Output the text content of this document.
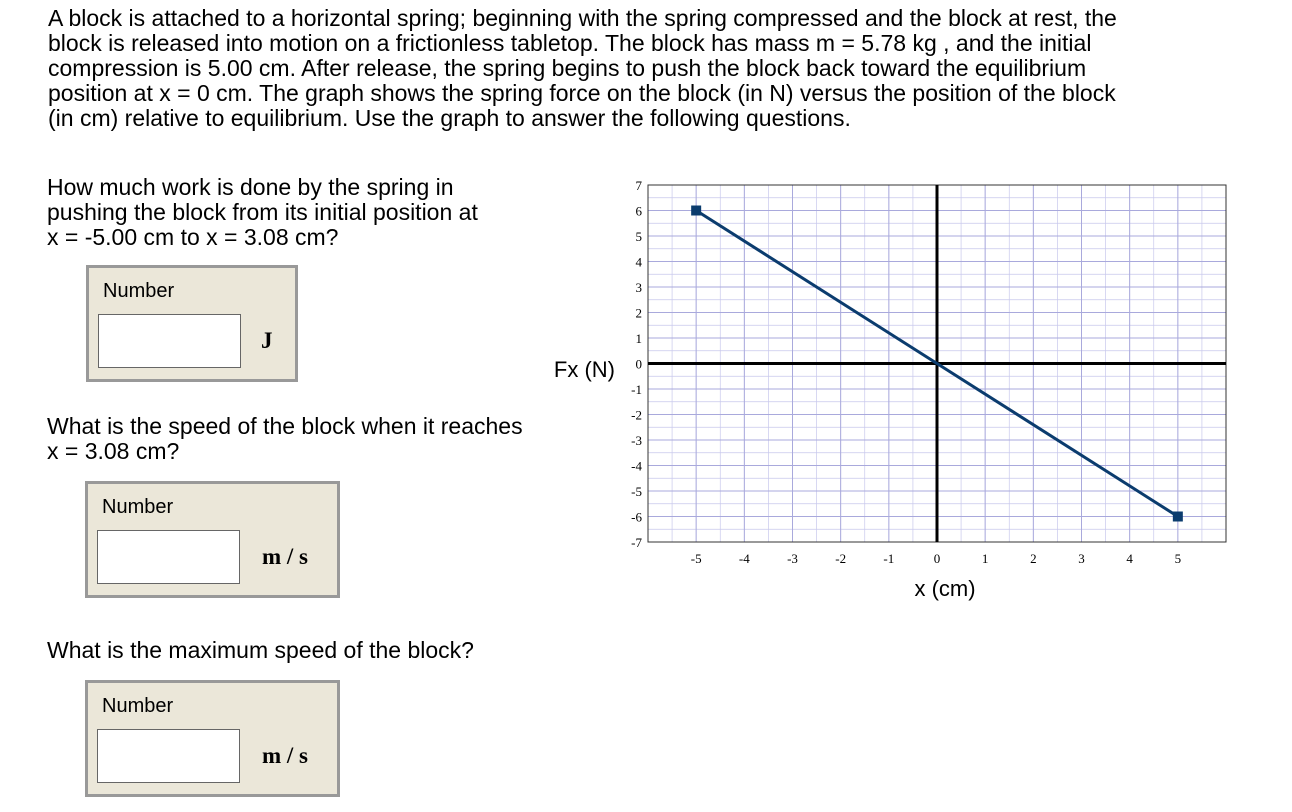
A block is attached to a horizontal spring; beginning with the spring compressed and the block at rest, the
block is released into motion on a frictionless tabletop. The block has mass m = 5.78 kg , and the initial
compression is 5.00 cm. After release, the spring begins to push the block back toward the equilibrium
position at x = 0 cm. The graph shows the spring force on the block (in N) versus the position of the block
(in cm) relative to equilibrium. Use the graph to answer the following questions.
How much work is done by the spring in
pushing the block from its initial position at
x = -5.00 cm to x = 3.08 cm?
Number
J
What is the speed of the block when it reaches
x = 3.08 cm?
Number
m / s
What is the maximum speed of the block?
Number
m / s
7
6
5
4
3
2
1
0
-1
-2
-3
-4
-5
-6
-7
-5	-4	-3	-2	-1	0	1	2	3	4	5
x (cm)
Fx (N)
